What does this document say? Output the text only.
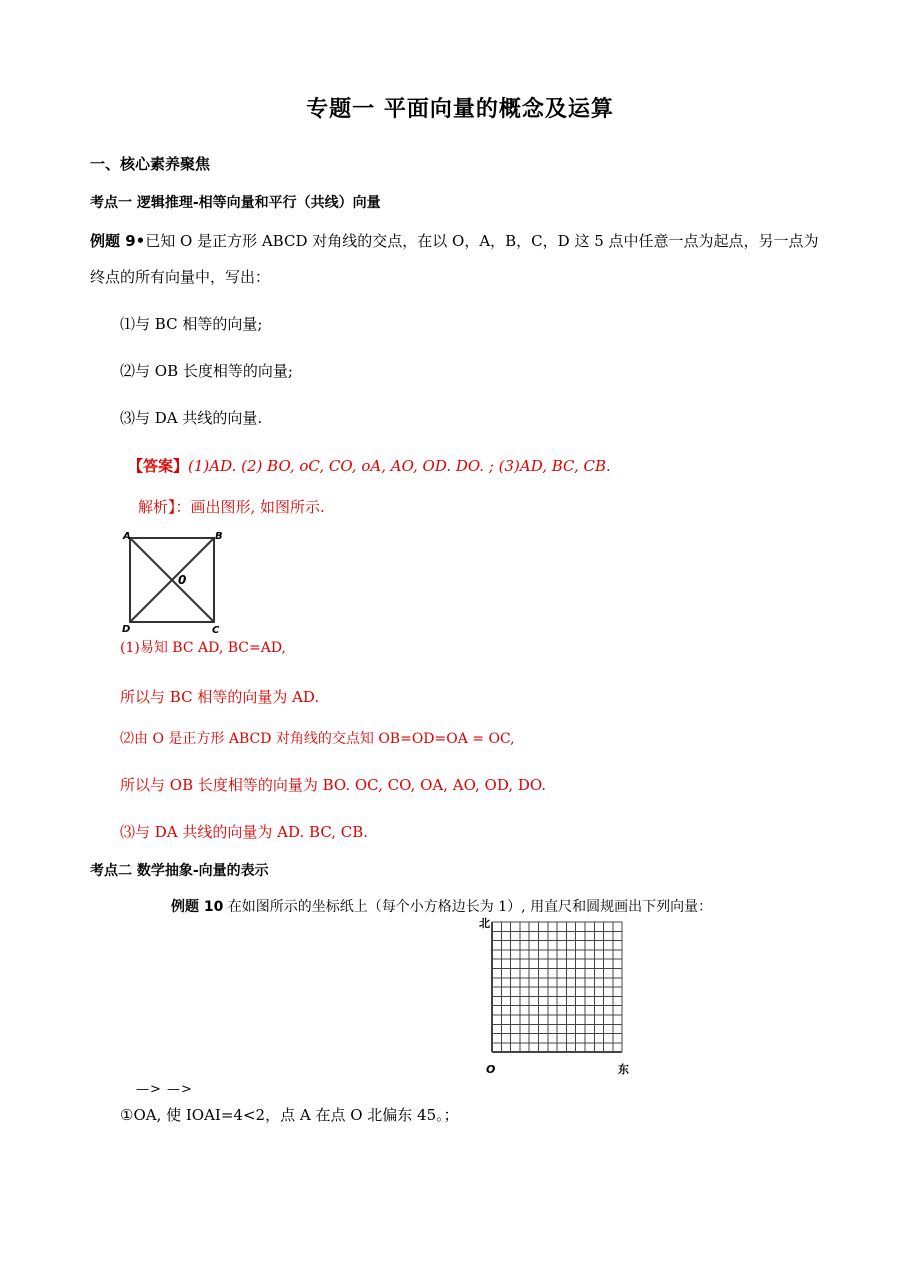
专题一 平面向量的概念及运算
一、核心素养聚焦
考点一 逻辑推理-相等向量和平行（共线）向量
例题 9•已知 O 是正方形 ABCD 对角线的交点，在以 O，A，B，C，D 这 5 点中任意一点为起点，另一点为
终点的所有向量中，写出：
⑴与 BC 相等的向量;
⑵与 OB 长度相等的向量;
⑶与 DA 共线的向量.
【答案】(1)AD. (2) BO, oC, CO, oA, AO, OD. DO. ; (3)AD, BC, CB.
解析】：画出图形, 如图所示.
A	B
D	C
0
(1)易知 BC AD, BC=AD,
所以与 BC 相等的向量为 AD.
⑵由 O 是正方形 ABCD 对角线的交点知 OB=OD=OA = OC,
所以与 OB 长度相等的向量为 BO. OC, CO, OA, AO, OD, DO.
⑶与 DA 共线的向量为 AD. BC, CB.
考点二 数学抽象-向量的表示
例题 10 在如图所示的坐标纸上（每个小方格边长为 1）, 用直尺和圆规画出下列向量：
北
东
O
—> —>
①OA, 使 IOAI=4<2，点 A 在点 O 北偏东 45。；
